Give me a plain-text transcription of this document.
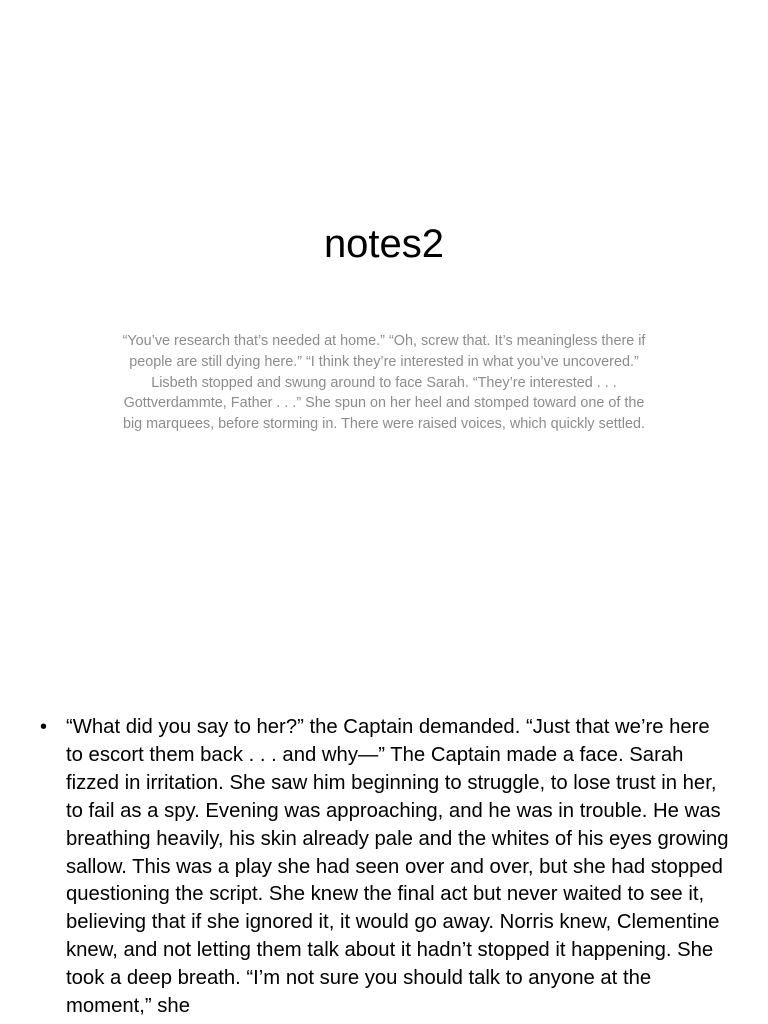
notes2

“You’ve research that’s needed at home.” “Oh, screw that. It’s meaningless there if people are still dying here.” “I think they’re interested in what you’ve uncovered.” Lisbeth stopped and swung around to face Sarah. “They’re interested . . . Gottverdammte, Father . . .” She spun on her heel and stomped toward one of the big marquees, before storming in. There were raised voices, which quickly settled.

• “What did you say to her?” the Captain demanded. “Just that we’re here to escort them back . . . and why—” The Captain made a face. Sarah fizzed in irritation. She saw him beginning to struggle, to lose trust in her, to fail as a spy. Evening was approaching, and he was in trouble. He was breathing heavily, his skin already pale and the whites of his eyes growing sallow. This was a play she had seen over and over, but she had stopped questioning the script. She knew the final act but never waited to see it, believing that if she ignored it, it would go away. Norris knew, Clementine knew, and not letting them talk about it hadn’t stopped it happening. She took a deep breath. “I’m not sure you should talk to anyone at the moment,” she
